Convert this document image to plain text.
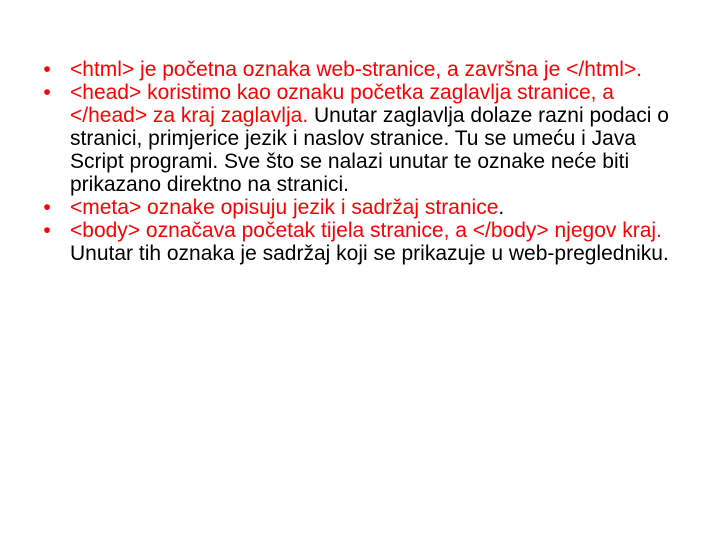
• <html> je početna oznaka web-stranice, a završna je </html>.
• <head> koristimo kao oznaku početka zaglavlja stranice, a </head> za kraj zaglavlja. Unutar zaglavlja dolaze razni podaci o stranici, primjerice jezik i naslov stranice. Tu se umeću i Java Script programi. Sve što se nalazi unutar te oznake neće biti prikazano direktno na stranici.
• <meta> oznake opisuju jezik i sadržaj stranice.
• <body> označava početak tijela stranice, a </body> njegov kraj. Unutar tih oznaka je sadržaj koji se prikazuje u web-pregledniku.
